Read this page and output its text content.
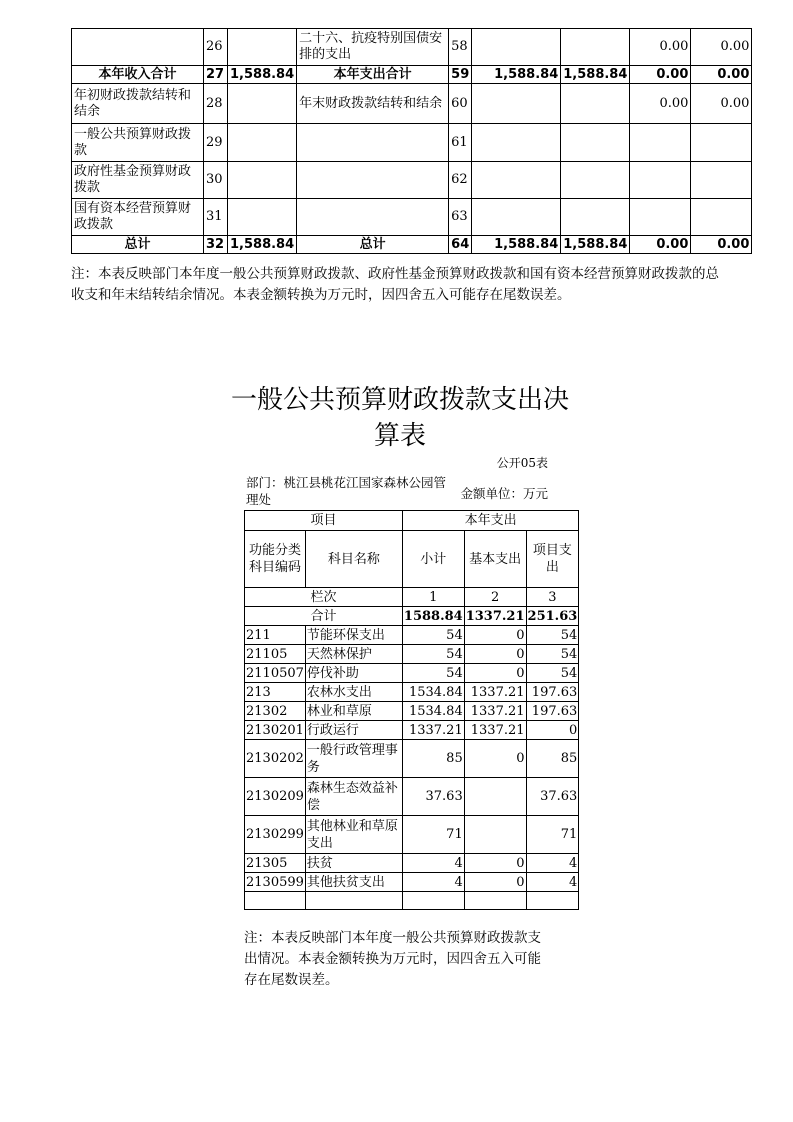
	26		二十六、抗疫特别国债安排的支出	58			0.00	0.00
本年收入合计	27	1,588.84	本年支出合计	59	1,588.84	1,588.84	0.00	0.00
年初财政拨款结转和结余	28		年末财政拨款结转和结余	60			0.00	0.00
一般公共预算财政拨款	29			61				
政府性基金预算财政拨款	30			62				
国有资本经营预算财政拨款	31			63				
总计	32	1,588.84	总计	64	1,588.84	1,588.84	0.00	0.00
注：本表反映部门本年度一般公共预算财政拨款、政府性基金预算财政拨款和国有资本经营预算财政拨款的总收支和年末结转结余情况。本表金额转换为万元时，因四舍五入可能存在尾数误差。
一般公共预算财政拨款支出决算表
公开05表
部门：桃江县桃花江国家森林公园管理处	金额单位：万元
项目		本年支出		
功能分类科目编码	科目名称	小计	基本支出	项目支出
栏次		1	2	3
合计		1588.84	1337.21	251.63
211	节能环保支出	54	0	54
21105	天然林保护	54	0	54
2110507	停伐补助	54	0	54
213	农林水支出	1534.84	1337.21	197.63
21302	林业和草原	1534.84	1337.21	197.63
2130201	行政运行	1337.21	1337.21	0
2130202	一般行政管理事务	85	0	85
2130209	森林生态效益补偿	37.63		37.63
2130299	其他林业和草原支出	71		71
21305	扶贫	4	0	4
2130599	其他扶贫支出	4	0	4

注：本表反映部门本年度一般公共预算财政拨款支出情况。本表金额转换为万元时，因四舍五入可能存在尾数误差。
